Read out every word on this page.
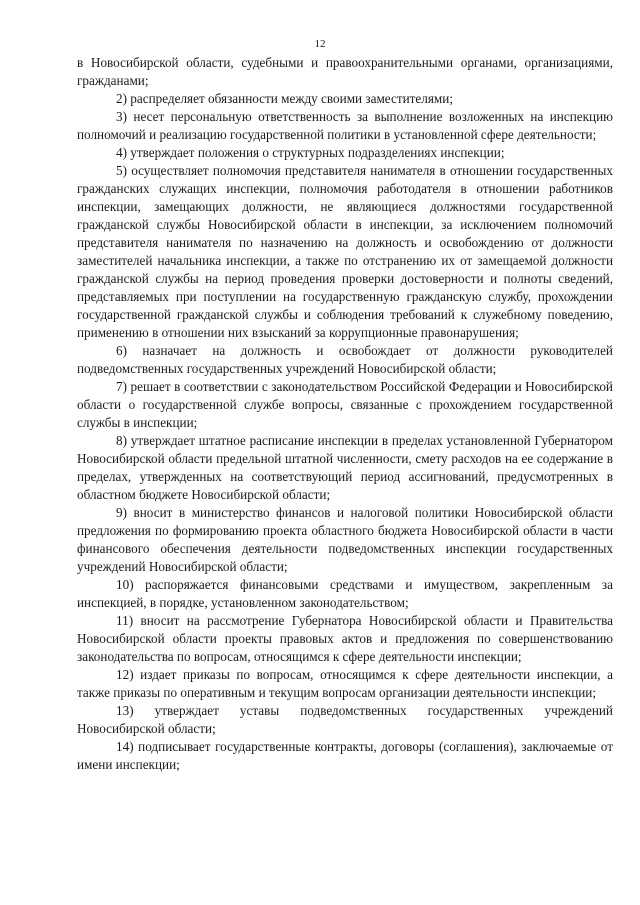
12

в Новосибирской области, судебными и правоохранительными органами, организациями, гражданами;

2) распределяет обязанности между своими заместителями;

3) несет персональную ответственность за выполнение возложенных на инспекцию полномочий и реализацию государственной политики в установленной сфере деятельности;

4) утверждает положения о структурных подразделениях инспекции;

5) осуществляет полномочия представителя нанимателя в отношении государственных гражданских служащих инспекции, полномочия работодателя в отношении работников инспекции, замещающих должности, не являющиеся должностями государственной гражданской службы Новосибирской области в инспекции, за исключением полномочий представителя нанимателя по назначению на должность и освобождению от должности заместителей начальника инспекции, а также по отстранению их от замещаемой должности гражданской службы на период проведения проверки достоверности и полноты сведений, представляемых при поступлении на государственную гражданскую службу, прохождении государственной гражданской службы и соблюдения требований к служебному поведению, применению в отношении них взысканий за коррупционные правонарушения;

6) назначает на должность и освобождает от должности руководителей подведомственных государственных учреждений Новосибирской области;

7) решает в соответствии с законодательством Российской Федерации и Новосибирской области о государственной службе вопросы, связанные с прохождением государственной службы в инспекции;

8) утверждает штатное расписание инспекции в пределах установленной Губернатором Новосибирской области предельной штатной численности, смету расходов на ее содержание в пределах, утвержденных на соответствующий период ассигнований, предусмотренных в областном бюджете Новосибирской области;

9) вносит в министерство финансов и налоговой политики Новосибирской области предложения по формированию проекта областного бюджета Новосибирской области в части финансового обеспечения деятельности подведомственных инспекции государственных учреждений Новосибирской области;

10) распоряжается финансовыми средствами и имуществом, закрепленным за инспекцией, в порядке, установленном законодательством;

11) вносит на рассмотрение Губернатора Новосибирской области и Правительства Новосибирской области проекты правовых актов и предложения по совершенствованию законодательства по вопросам, относящимся к сфере деятельности инспекции;

12) издает приказы по вопросам, относящимся к сфере деятельности инспекции, а также приказы по оперативным и текущим вопросам организации деятельности инспекции;

13) утверждает уставы подведомственных государственных учреждений Новосибирской области;

14) подписывает государственные контракты, договоры (соглашения), заключаемые от имени инспекции;
